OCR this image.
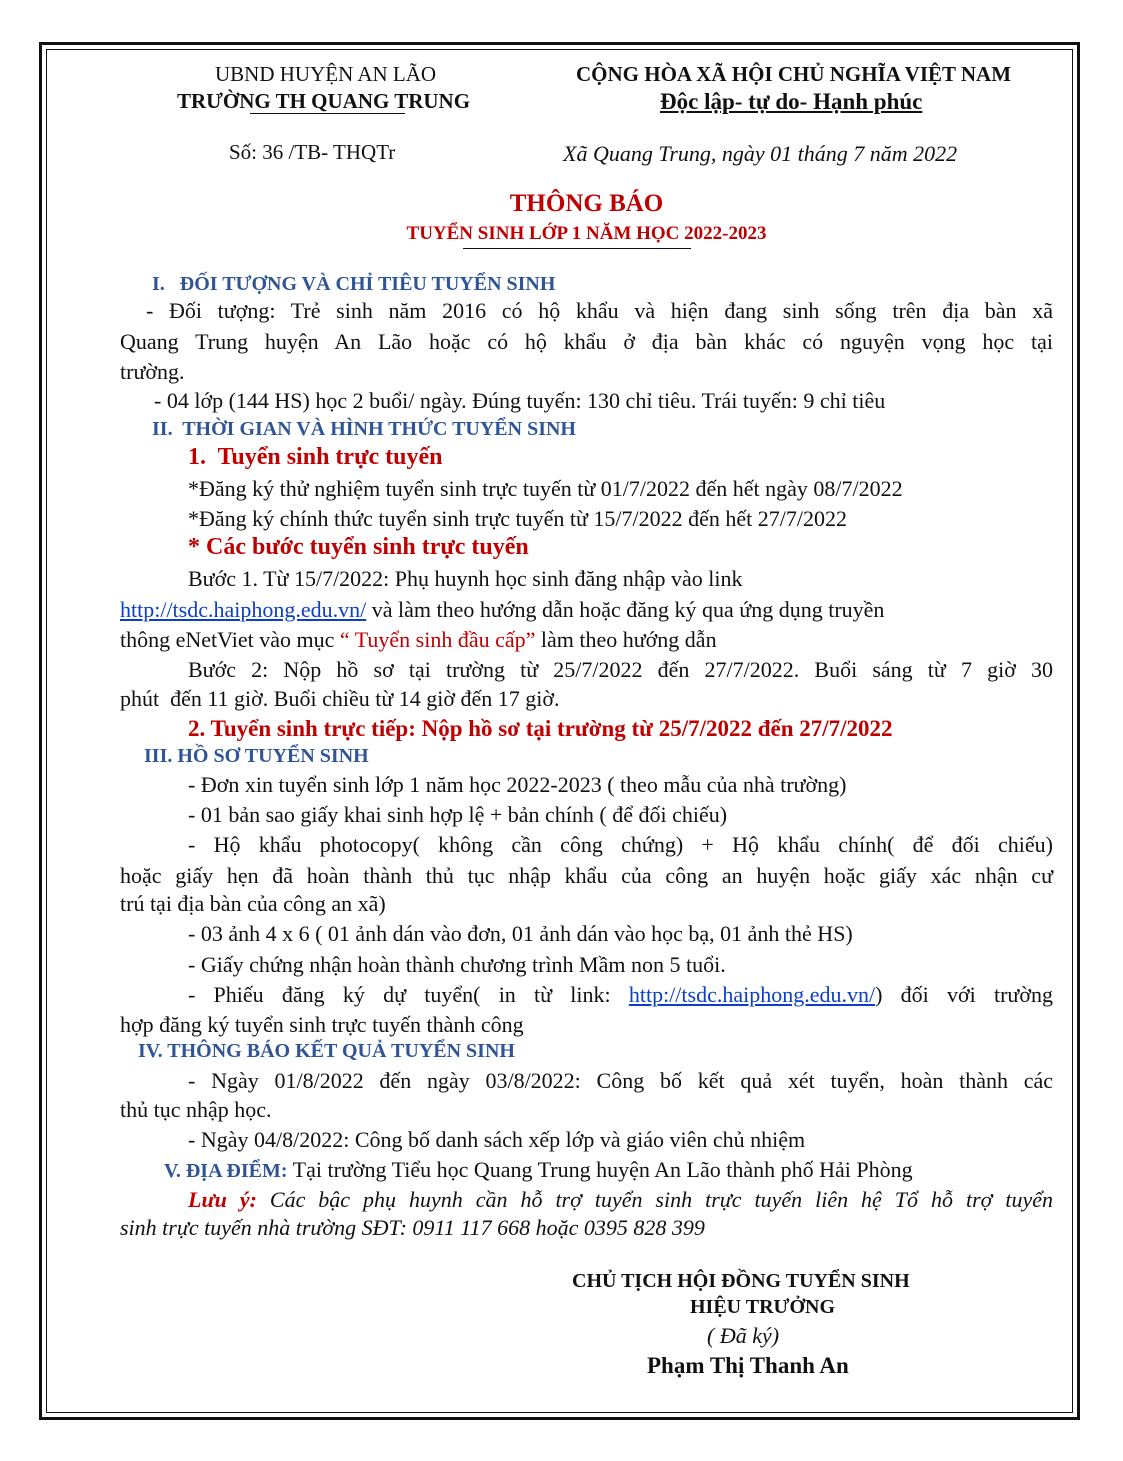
UBND HUYỆN AN LÃO
TRƯỜNG TH QUANG TRUNG
Số: 36 /TB- THQTr
CỘNG HÒA XÃ HỘI CHỦ NGHĨA VIỆT NAM
Độc lập- tự do- Hạnh phúc
Xã Quang Trung, ngày 01 tháng 7 năm 2022
THÔNG BÁO
TUYỂN SINH LỚP 1 NĂM HỌC 2022-2023
I.   ĐỐI TƯỢNG VÀ CHỈ TIÊU TUYỂN SINH
- Đối tượng: Trẻ sinh năm 2016 có hộ khẩu và hiện đang sinh sống trên địa bàn xã
Quang Trung huyện An Lão hoặc có hộ khẩu ở địa bàn khác có nguyện vọng học tại
trường.
- 04 lớp (144 HS) học 2 buổi/ ngày. Đúng tuyến: 130 chỉ tiêu. Trái tuyến: 9 chỉ tiêu
II.  THỜI GIAN VÀ HÌNH THỨC TUYỂN SINH
1.  Tuyển sinh trực tuyến
*Đăng ký thử nghiệm tuyển sinh trực tuyến từ 01/7/2022 đến hết ngày 08/7/2022
*Đăng ký chính thức tuyển sinh trực tuyến từ 15/7/2022 đến hết 27/7/2022
* Các bước tuyển sinh trực tuyến
Bước 1. Từ 15/7/2022: Phụ huynh học sinh đăng nhập vào link
http://tsdc.haiphong.edu.vn/ và làm theo hướng dẫn hoặc đăng ký qua ứng dụng truyền
thông eNetViet vào mục “ Tuyển sinh đầu cấp” làm theo hướng dẫn
Bước 2: Nộp hồ sơ tại trường từ 25/7/2022 đến 27/7/2022. Buổi sáng từ 7 giờ 30
phút  đến 11 giờ. Buổi chiều từ 14 giờ đến 17 giờ.
2. Tuyển sinh trực tiếp: Nộp hồ sơ tại trường từ 25/7/2022 đến 27/7/2022
III. HỒ SƠ TUYỂN SINH
- Đơn xin tuyển sinh lớp 1 năm học 2022-2023 ( theo mẫu của nhà trường)
- 01 bản sao giấy khai sinh hợp lệ + bản chính ( để đối chiếu)
- Hộ khẩu photocopy( không cần công chứng) + Hộ khẩu chính( để đối chiếu)
hoặc giấy hẹn đã hoàn thành thủ tục nhập khẩu của công an huyện hoặc giấy xác nhận cư
trú tại địa bàn của công an xã)
- 03 ảnh 4 x 6 ( 01 ảnh dán vào đơn, 01 ảnh dán vào học bạ, 01 ảnh thẻ HS)
- Giấy chứng nhận hoàn thành chương trình Mầm non 5 tuổi.
- Phiếu đăng ký dự tuyển( in từ link: http://tsdc.haiphong.edu.vn/) đối với trường
hợp đăng ký tuyển sinh trực tuyến thành công
IV. THÔNG BÁO KẾT QUẢ TUYỂN SINH
- Ngày 01/8/2022 đến ngày 03/8/2022: Công bố kết quả xét tuyển, hoàn thành các
thủ tục nhập học.
- Ngày 04/8/2022: Công bố danh sách xếp lớp và giáo viên chủ nhiệm
V. ĐỊA ĐIỂM: Tại trường Tiểu học Quang Trung huyện An Lão thành phố Hải Phòng
Lưu ý: Các bậc phụ huynh cần hỗ trợ tuyển sinh trực tuyến liên hệ Tổ hỗ trợ tuyển
sinh trực tuyến nhà trường SĐT: 0911 117 668 hoặc 0395 828 399
CHỦ TỊCH HỘI ĐỒNG TUYỂN SINH
HIỆU TRƯỞNG
( Đã ký)
Phạm Thị Thanh An
